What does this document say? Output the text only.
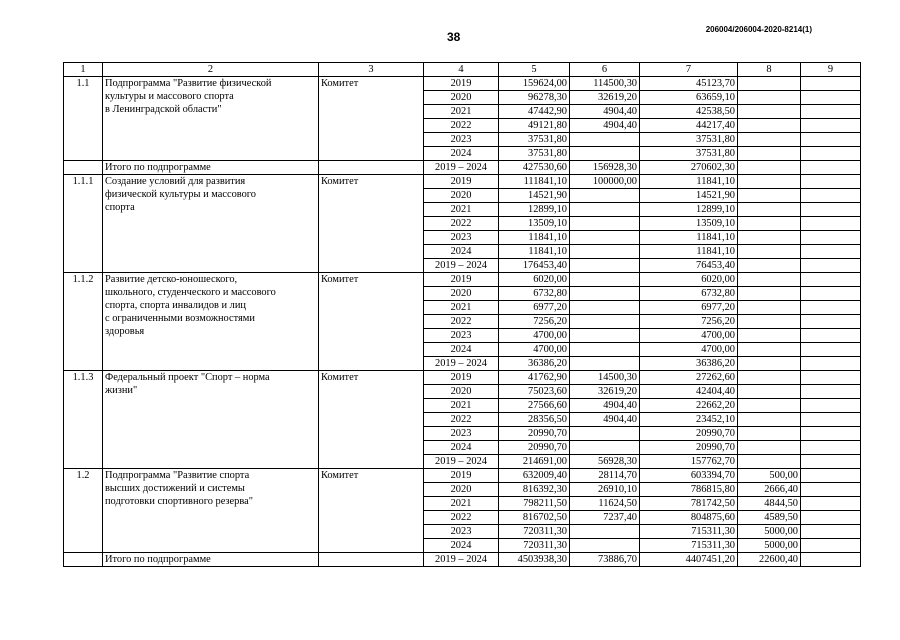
38
206004/206004-2020-8214(1)
1	2	3	4	5	6	7	8	9
1.1	Подпрограмма "Развитие физической
культуры и массового спорта
в Ленинградской области"	Комитет	2019	159624,00	114500,30	45123,70		
			2020	96278,30	32619,20	63659,10		
			2021	47442,90	4904,40	42538,50		
			2022	49121,80	4904,40	44217,40		
			2023	37531,80		37531,80		
			2024	37531,80		37531,80		
	Итого по подпрограмме		2019 – 2024	427530,60	156928,30	270602,30		
1.1.1	Создание условий для развития
физической культуры и массового
спорта	Комитет	2019	111841,10	100000,00	11841,10		
			2020	14521,90		14521,90		
			2021	12899,10		12899,10		
			2022	13509,10		13509,10		
			2023	11841,10		11841,10		
			2024	11841,10		11841,10		
			2019 – 2024	176453,40		76453,40		
1.1.2	Развитие детско-юношеского,
школьного, студенческого и массового
спорта, спорта инвалидов и лиц
с ограниченными возможностями
здоровья	Комитет	2019	6020,00		6020,00		
			2020	6732,80		6732,80		
			2021	6977,20		6977,20		
			2022	7256,20		7256,20		
			2023	4700,00		4700,00		
			2024	4700,00		4700,00		
			2019 – 2024	36386,20		36386,20		
1.1.3	Федеральный проект "Спорт – норма
жизни"	Комитет	2019	41762,90	14500,30	27262,60		
			2020	75023,60	32619,20	42404,40		
			2021	27566,60	4904,40	22662,20		
			2022	28356,50	4904,40	23452,10		
			2023	20990,70		20990,70		
			2024	20990,70		20990,70		
			2019 – 2024	214691,00	56928,30	157762,70		
1.2	Подпрограмма "Развитие спорта
высших достижений и системы
подготовки спортивного резерва"	Комитет	2019	632009,40	28114,70	603394,70	500,00	
			2020	816392,30	26910,10	786815,80	2666,40	
			2021	798211,50	11624,50	781742,50	4844,50	
			2022	816702,50	7237,40	804875,60	4589,50	
			2023	720311,30		715311,30	5000,00	
			2024	720311,30		715311,30	5000,00	
	Итого по подпрограмме		2019 – 2024	4503938,30	73886,70	4407451,20	22600,40	
